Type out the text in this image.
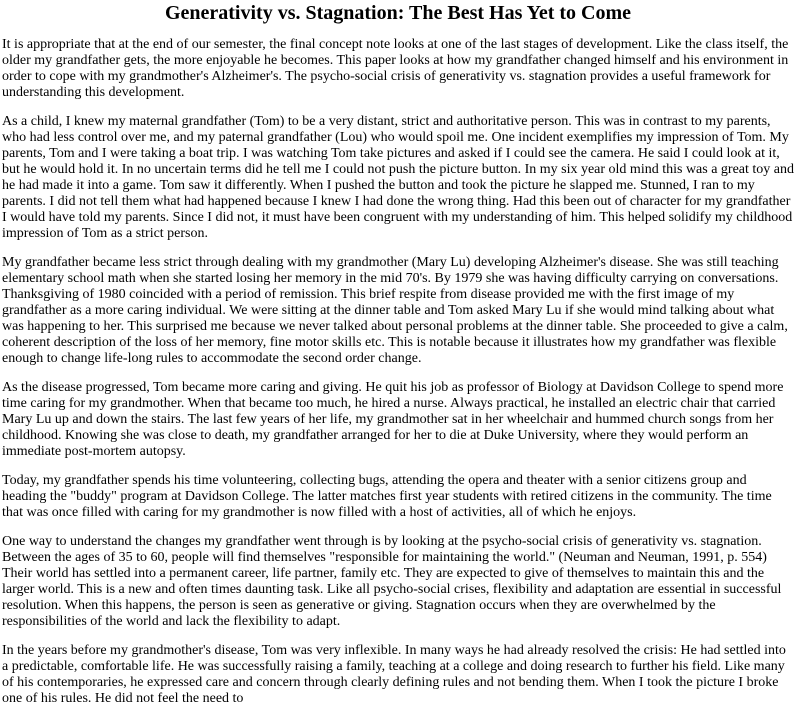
Generativity vs. Stagnation: The Best Has Yet to Come

It is appropriate that at the end of our semester, the final concept note looks at one of the last stages of development. Like the class itself, the older my grandfather gets, the more enjoyable he becomes. This paper looks at how my grandfather changed himself and his environment in order to cope with my grandmother's Alzheimer's. The psycho-social crisis of generativity vs. stagnation provides a useful framework for understanding this development.

As a child, I knew my maternal grandfather (Tom) to be a very distant, strict and authoritative person. This was in contrast to my parents, who had less control over me, and my paternal grandfather (Lou) who would spoil me. One incident exemplifies my impression of Tom. My parents, Tom and I were taking a boat trip. I was watching Tom take pictures and asked if I could see the camera. He said I could look at it, but he would hold it. In no uncertain terms did he tell me I could not push the picture button. In my six year old mind this was a great toy and he had made it into a game. Tom saw it differently. When I pushed the button and took the picture he slapped me. Stunned, I ran to my parents. I did not tell them what had happened because I knew I had done the wrong thing. Had this been out of character for my grandfather I would have told my parents. Since I did not, it must have been congruent with my understanding of him. This helped solidify my childhood impression of Tom as a strict person.

My grandfather became less strict through dealing with my grandmother (Mary Lu) developing Alzheimer's disease. She was still teaching elementary school math when she started losing her memory in the mid 70's. By 1979 she was having difficulty carrying on conversations. Thanksgiving of 1980 coincided with a period of remission. This brief respite from disease provided me with the first image of my grandfather as a more caring individual. We were sitting at the dinner table and Tom asked Mary Lu if she would mind talking about what was happening to her. This surprised me because we never talked about personal problems at the dinner table. She proceeded to give a calm, coherent description of the loss of her memory, fine motor skills etc. This is notable because it illustrates how my grandfather was flexible enough to change life-long rules to accommodate the second order change.

As the disease progressed, Tom became more caring and giving. He quit his job as professor of Biology at Davidson College to spend more time caring for my grandmother. When that became too much, he hired a nurse. Always practical, he installed an electric chair that carried Mary Lu up and down the stairs. The last few years of her life, my grandmother sat in her wheelchair and hummed church songs from her childhood. Knowing she was close to death, my grandfather arranged for her to die at Duke University, where they would perform an immediate post-mortem autopsy.

Today, my grandfather spends his time volunteering, collecting bugs, attending the opera and theater with a senior citizens group and heading the "buddy" program at Davidson College. The latter matches first year students with retired citizens in the community. The time that was once filled with caring for my grandmother is now filled with a host of activities, all of which he enjoys.

One way to understand the changes my grandfather went through is by looking at the psycho-social crisis of generativity vs. stagnation. Between the ages of 35 to 60, people will find themselves "responsible for maintaining the world." (Neuman and Neuman, 1991, p. 554) Their world has settled into a permanent career, life partner, family etc. They are expected to give of themselves to maintain this and the larger world. This is a new and often times daunting task. Like all psycho-social crises, flexibility and adaptation are essential in successful resolution. When this happens, the person is seen as generative or giving. Stagnation occurs when they are overwhelmed by the responsibilities of the world and lack the flexibility to adapt.

In the years before my grandmother's disease, Tom was very inflexible. In many ways he had already resolved the crisis: He had settled into a predictable, comfortable life. He was successfully raising a family, teaching at a college and doing research to further his field. Like many of his contemporaries, he expressed care and concern through clearly defining rules and not bending them. When I took the picture I broke one of his rules. He did not feel the need to
